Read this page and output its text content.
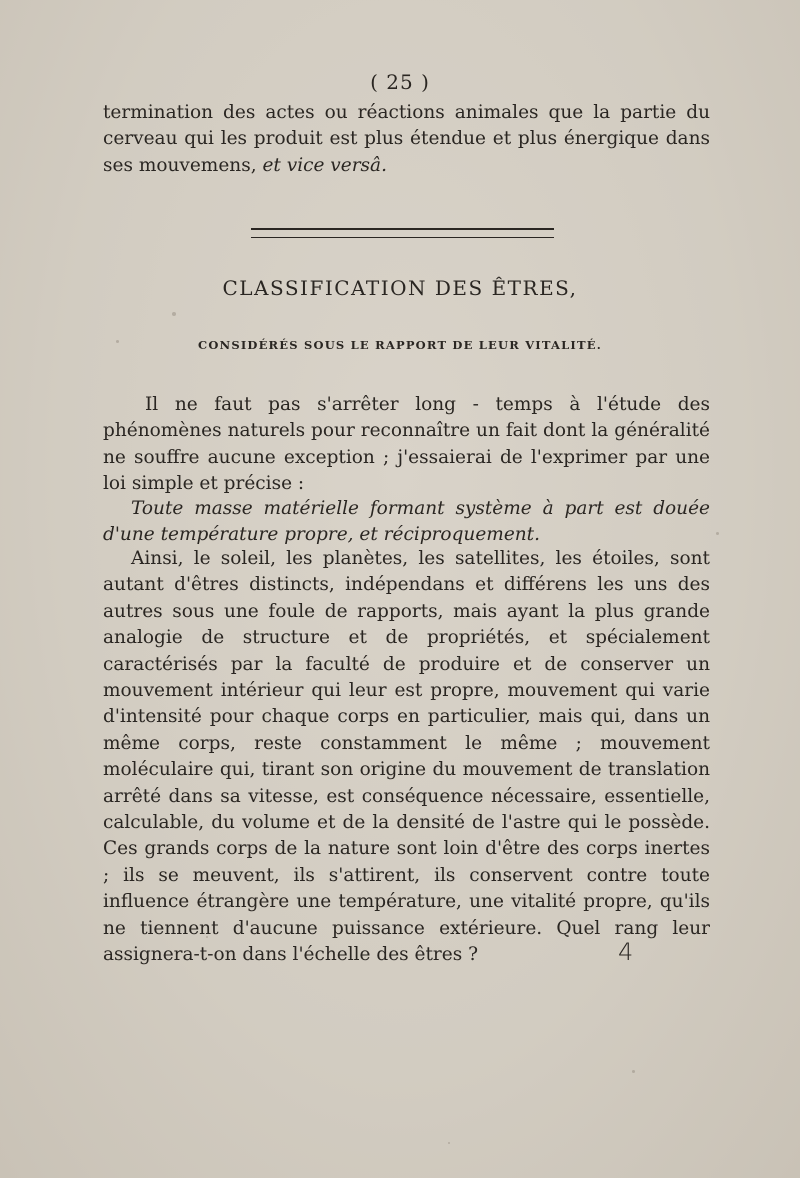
( 25 )

termination des actes ou réactions animales que la partie du cerveau qui les produit est plus étendue et plus énergique dans ses mouvemens, et vice versâ.

CLASSIFICATION DES ÊTRES,
CONSIDÉRÉS SOUS LE RAPPORT DE LEUR VITALITÉ.

Il ne faut pas s'arrêter long - temps à l'étude des phénomènes naturels pour reconnaître un fait dont la généralité ne souffre aucune exception ; j'essaierai de l'exprimer par une loi simple et précise :

Toute masse matérielle formant système à part est douée d'une température propre, et réciproquement.

Ainsi, le soleil, les planètes, les satellites, les étoiles, sont autant d'êtres distincts, indépendans et différens les uns des autres sous une foule de rapports, mais ayant la plus grande analogie de structure et de propriétés, et spécialement caractérisés par la faculté de produire et de conserver un mouvement intérieur qui leur est propre, mouvement qui varie d'intensité pour chaque corps en particulier, mais qui, dans un même corps, reste constamment le même ; mouvement moléculaire qui, tirant son origine du mouvement de translation arrêté dans sa vitesse, est conséquence nécessaire, essentielle, calculable, du volume et de la densité de l'astre qui le possède. Ces grands corps de la nature sont loin d'être des corps inertes ; ils se meuvent, ils s'attirent, ils conservent contre toute influence étrangère une température, une vitalité propre, qu'ils ne tiennent d'aucune puissance extérieure. Quel rang leur assignera-t-on dans l'échelle des êtres ?	4
